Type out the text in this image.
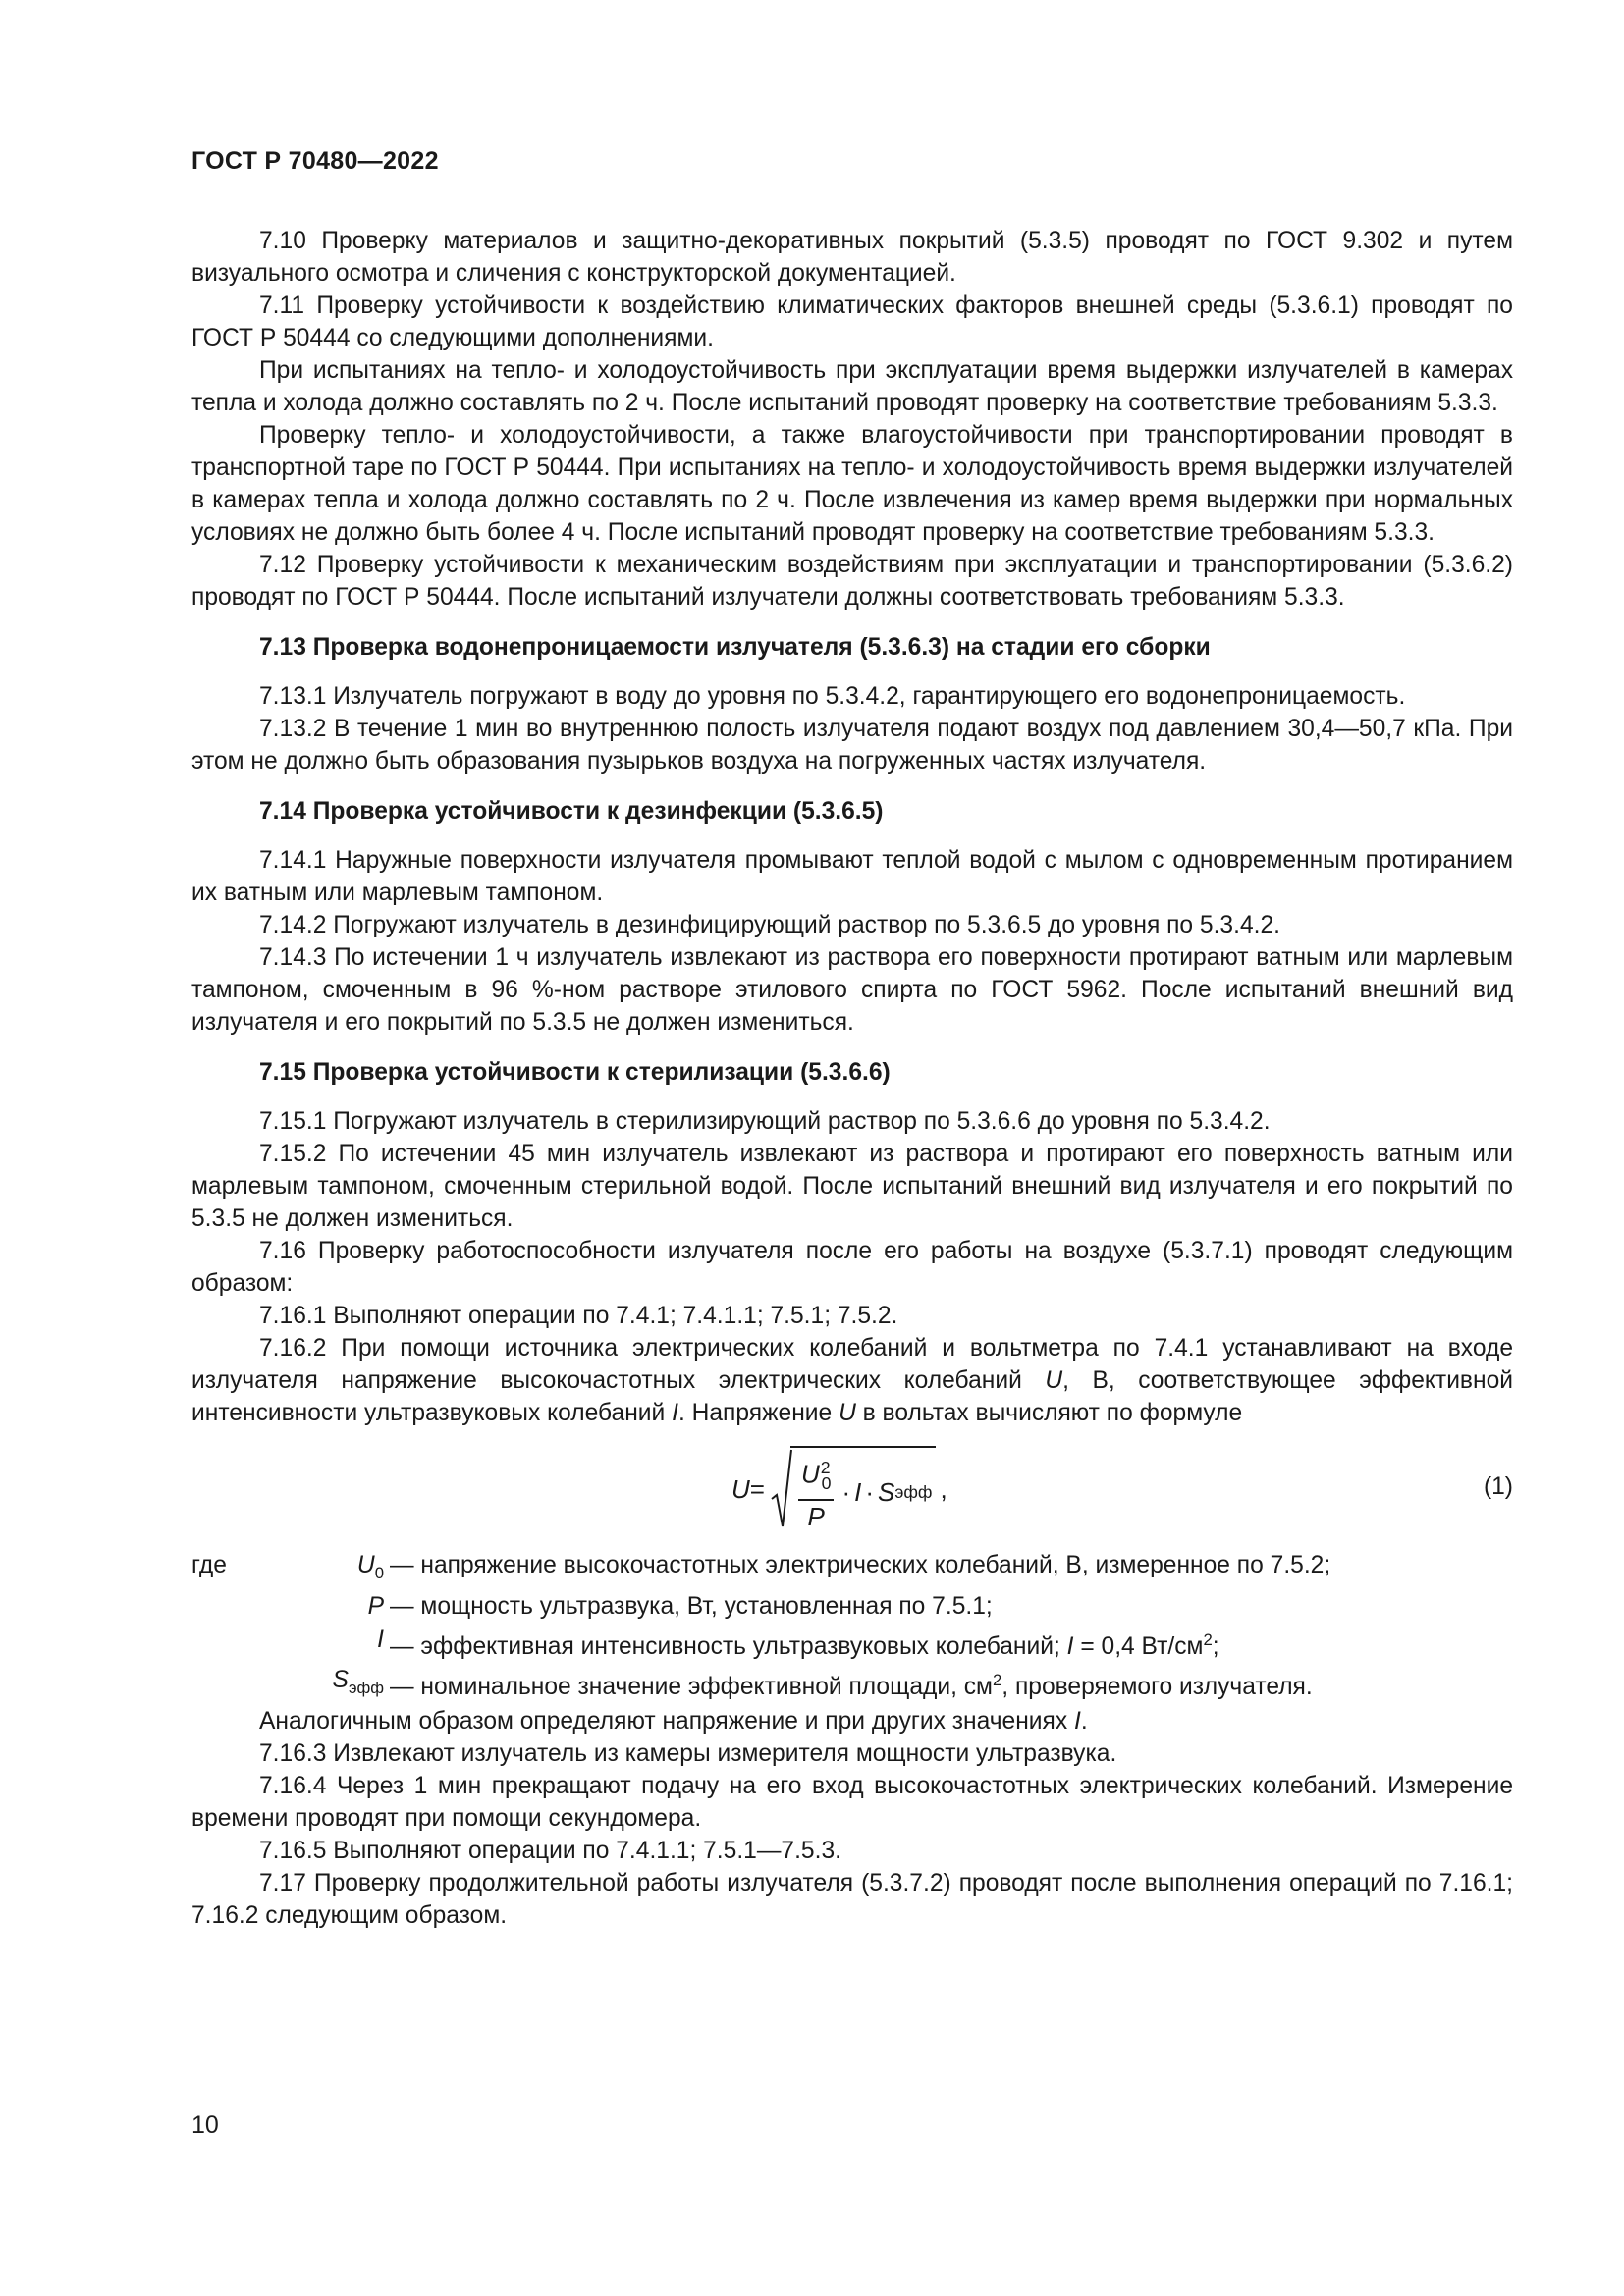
ГОСТ Р 70480—2022

7.10 Проверку материалов и защитно-декоративных покрытий (5.3.5) проводят по ГОСТ 9.302 и путем визуального осмотра и сличения с конструкторской документацией.

7.11 Проверку устойчивости к воздействию климатических факторов внешней среды (5.3.6.1) проводят по ГОСТ Р 50444 со следующими дополнениями.

При испытаниях на тепло- и холодоустойчивость при эксплуатации время выдержки излучателей в камерах тепла и холода должно составлять по 2 ч. После испытаний проводят проверку на соответствие требованиям 5.3.3.

Проверку тепло- и холодоустойчивости, а также влагоустойчивости при транспортировании проводят в транспортной таре по ГОСТ Р 50444. При испытаниях на тепло- и холодоустойчивость время выдержки излучателей в камерах тепла и холода должно составлять по 2 ч. После извлечения из камер время выдержки при нормальных условиях не должно быть более 4 ч. После испытаний проводят проверку на соответствие требованиям 5.3.3.

7.12 Проверку устойчивости к механическим воздействиям при эксплуатации и транспортировании (5.3.6.2) проводят по ГОСТ Р 50444. После испытаний излучатели должны соответствовать требованиям 5.3.3.

7.13 Проверка водонепроницаемости излучателя (5.3.6.3) на стадии его сборки

7.13.1 Излучатель погружают в воду до уровня по 5.3.4.2, гарантирующего его водонепроницаемость.

7.13.2 В течение 1 мин во внутреннюю полость излучателя подают воздух под давлением 30,4—50,7 кПа. При этом не должно быть образования пузырьков воздуха на погруженных частях излучателя.

7.14 Проверка устойчивости к дезинфекции (5.3.6.5)

7.14.1 Наружные поверхности излучателя промывают теплой водой с мылом с одновременным протиранием их ватным или марлевым тампоном.

7.14.2 Погружают излучатель в дезинфицирующий раствор по 5.3.6.5 до уровня по 5.3.4.2.

7.14.3 По истечении 1 ч излучатель извлекают из раствора его поверхности протирают ватным или марлевым тампоном, смоченным в 96 %-ном растворе этилового спирта по ГОСТ 5962. После испытаний внешний вид излучателя и его покрытий по 5.3.5 не должен измениться.

7.15 Проверка устойчивости к стерилизации (5.3.6.6)

7.15.1 Погружают излучатель в стерилизирующий раствор по 5.3.6.6 до уровня по 5.3.4.2.

7.15.2 По истечении 45 мин излучатель извлекают из раствора и протирают его поверхность ватным или марлевым тампоном, смоченным стерильной водой. После испытаний внешний вид излучателя и его покрытий по 5.3.5 не должен измениться.

7.16 Проверку работоспособности излучателя после его работы на воздухе (5.3.7.1) проводят следующим образом:

7.16.1 Выполняют операции по 7.4.1; 7.4.1.1; 7.5.1; 7.5.2.

7.16.2 При помощи источника электрических колебаний и вольтметра по 7.4.1 устанавливают на входе излучателя напряжение высокочастотных электрических колебаний U, В, соответствующее эффективной интенсивности ультразвуковых колебаний I. Напряжение U в вольтах вычисляют по формуле

$U = \frac{U^2_0}{P} \cdot I \cdot S$ эфф ,	(1)
где	$U_0$ — напряжение высокочастотных электрических колебаний, В, измеренное по 7.5.2;
P — мощность ультразвука, Вт, установленная по 7.5.1;
I — эффективная интенсивность ультразвуковых колебаний; I = 0,4 $Вт/см^2$;
$S_{эфф}$ — номинальное значение эффективной площади, $см^2$, проверяемого излучателя.

Аналогичным образом определяют напряжение и при других значениях I.

7.16.3 Извлекают излучатель из камеры измерителя мощности ультразвука.

7.16.4 Через 1 мин прекращают подачу на его вход высокочастотных электрических колебаний. Измерение времени проводят при помощи секундомера.

7.16.5 Выполняют операции по 7.4.1.1; 7.5.1—7.5.3.

7.17 Проверку продолжительной работы излучателя (5.3.7.2) проводят после выполнения операций по 7.16.1; 7.16.2 следующим образом.

10
